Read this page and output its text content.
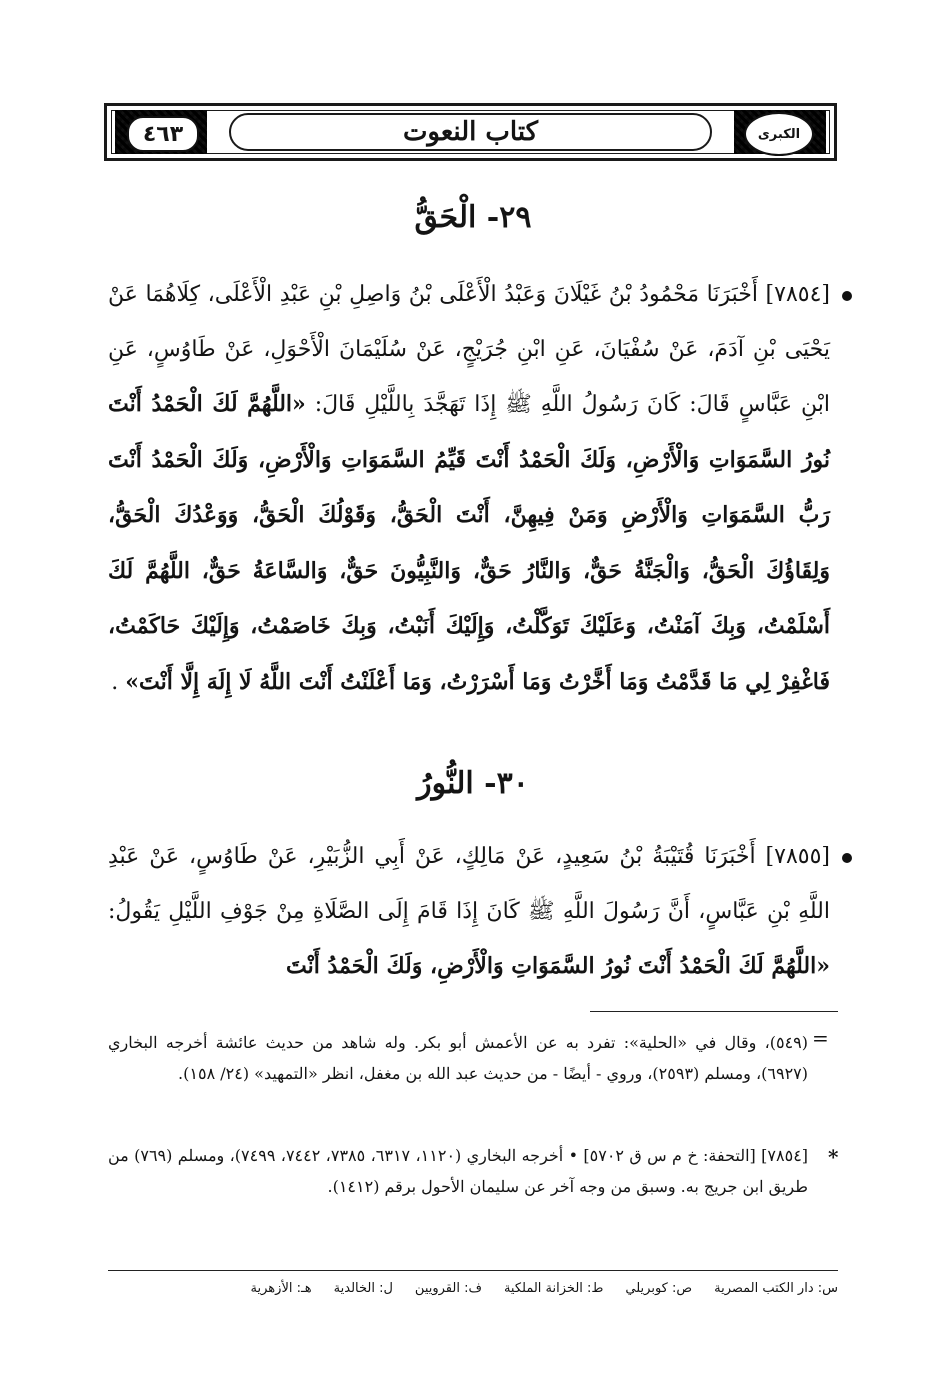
٤٦٣	الكبرى
كتاب النعوت
٢٩- الْحَقُّ
[٧٨٥٤] أَخْبَرَنَا مَحْمُودُ بْنُ غَيْلَانَ وَعَبْدُ الْأَعْلَى بْنُ وَاصِلِ بْنِ عَبْدِ الْأَعْلَى، كِلَاهُمَا عَنْ يَحْيَى بْنِ آدَمَ، عَنْ سُفْيَانَ، عَنِ ابْنِ جُرَيْجٍ، عَنْ سُلَيْمَانَ الْأَحْوَلِ، عَنْ طَاوُسٍ، عَنِ ابْنِ عَبَّاسٍ قَالَ: كَانَ رَسُولُ اللَّهِ ﷺ إِذَا تَهَجَّدَ بِاللَّيْلِ قَالَ: «اللَّهُمَّ لَكَ الْحَمْدُ أَنْتَ نُورُ السَّمَوَاتِ وَالْأَرْضِ، وَلَكَ الْحَمْدُ أَنْتَ قَيِّمُ السَّمَوَاتِ وَالْأَرْضِ، وَلَكَ الْحَمْدُ أَنْتَ رَبُّ السَّمَوَاتِ وَالْأَرْضِ وَمَنْ فِيهِنَّ، أَنْتَ الْحَقُّ، وَقَوْلُكَ الْحَقُّ، وَوَعْدُكَ الْحَقُّ، وَلِقَاؤُكَ الْحَقُّ، وَالْجَنَّةُ حَقٌّ، وَالنَّارُ حَقٌّ، وَالنَّبِيُّونَ حَقٌّ، وَالسَّاعَةُ حَقٌّ، اللَّهُمَّ لَكَ أَسْلَمْتُ، وَبِكَ آمَنْتُ، وَعَلَيْكَ تَوَكَّلْتُ، وَإِلَيْكَ أَنَبْتُ، وَبِكَ خَاصَمْتُ، وَإِلَيْكَ حَاكَمْتُ، فَاغْفِرْ لِي مَا قَدَّمْتُ وَمَا أَخَّرْتُ وَمَا أَسْرَرْتُ، وَمَا أَعْلَنْتُ أَنْتَ اللَّهُ لَا إِلَهَ إِلَّا أَنْتَ» .
٣٠- النُّورُ
[٧٨٥٥] أَخْبَرَنَا قُتَيْبَةُ بْنُ سَعِيدٍ، عَنْ مَالِكٍ، عَنْ أَبِي الزُّبَيْرِ، عَنْ طَاوُسٍ، عَنْ عَبْدِ اللَّهِ بْنِ عَبَّاسٍ، أَنَّ رَسُولَ اللَّهِ ﷺ كَانَ إِذَا قَامَ إِلَى الصَّلَاةِ مِنْ جَوْفِ اللَّيْلِ يَقُولُ: «اللَّهُمَّ لَكَ الْحَمْدُ أَنْتَ نُورُ السَّمَوَاتِ وَالْأَرْضِ، وَلَكَ الْحَمْدُ أَنْتَ
=
(٥٤٩)، وقال في «الحلية»: تفرد به عن الأعمش أبو بكر. وله شاهد من حديث عائشة أخرجه البخاري (٦٩٢٧)، ومسلم (٢٥٩٣)، وروي - أيضًا - من حديث عبد الله بن مغفل، انظر «التمهيد» (٢٤/ ١٥٨).
*
[٧٨٥٤] [التحفة: خ م س ق ٥٧٠٢] • أخرجه البخاري (١١٢٠، ٦٣١٧، ٧٣٨٥، ٧٤٤٢، ٧٤٩٩)، ومسلم (٧٦٩) من طريق ابن جريج به. وسبق من وجه آخر عن سليمان الأحول برقم (١٤١٢).
س: دار الكتب المصرية
ص: كوبريلي
ط: الخزانة الملكية
ف: القرويين
ل: الخالدية
هـ: الأزهرية
